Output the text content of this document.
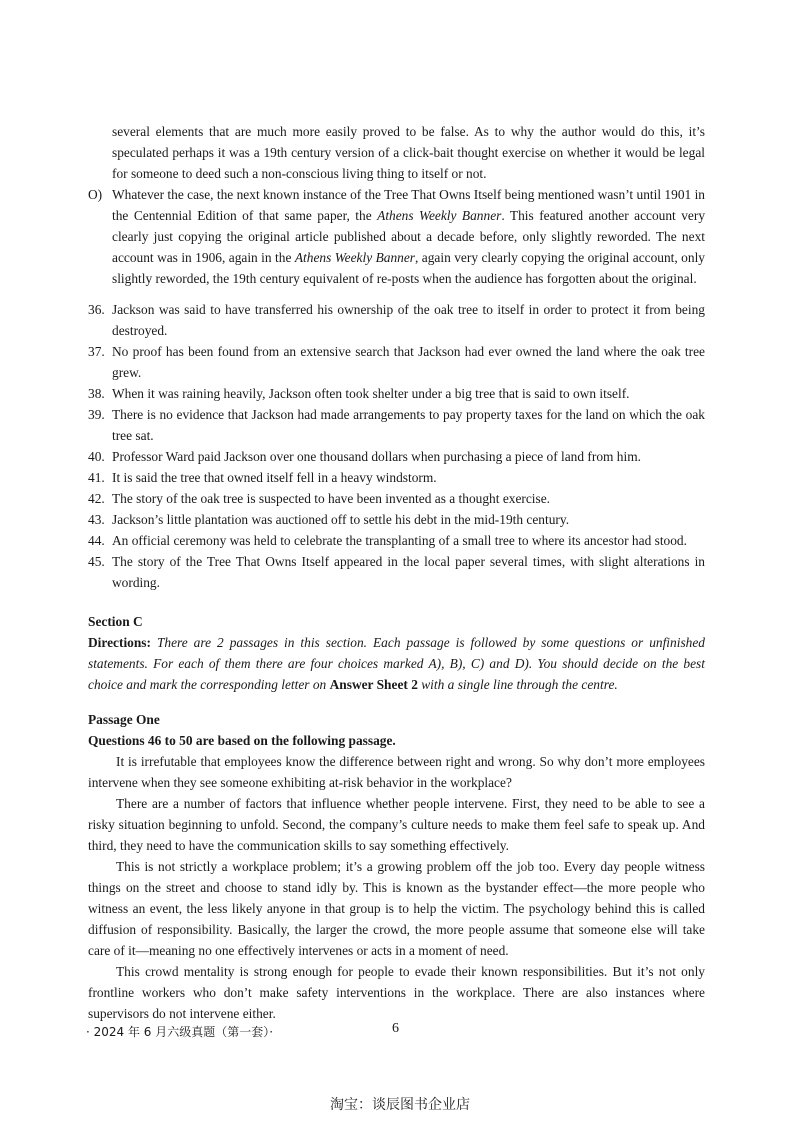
several elements that are much more easily proved to be false. As to why the author would do this, it’s speculated perhaps it was a 19th century version of a click-bait thought exercise on whether it would be legal for someone to deed such a non-conscious living thing to itself or not.

O) Whatever the case, the next known instance of the Tree That Owns Itself being mentioned wasn’t until 1901 in the Centennial Edition of that same paper, the Athens Weekly Banner. This featured another account very clearly just copying the original article published about a decade before, only slightly reworded. The next account was in 1906, again in the Athens Weekly Banner, again very clearly copying the original account, only slightly reworded, the 19th century equivalent of re-posts when the audience has forgotten about the original.
36. Jackson was said to have transferred his ownership of the oak tree to itself in order to protect it from being destroyed.
37. No proof has been found from an extensive search that Jackson had ever owned the land where the oak tree grew.
38. When it was raining heavily, Jackson often took shelter under a big tree that is said to own itself.
39. There is no evidence that Jackson had made arrangements to pay property taxes for the land on which the oak tree sat.
40. Professor Ward paid Jackson over one thousand dollars when purchasing a piece of land from him.
41. It is said the tree that owned itself fell in a heavy windstorm.
42. The story of the oak tree is suspected to have been invented as a thought exercise.
43. Jackson’s little plantation was auctioned off to settle his debt in the mid-19th century.
44. An official ceremony was held to celebrate the transplanting of a small tree to where its ancestor had stood.
45. The story of the Tree That Owns Itself appeared in the local paper several times, with slight alterations in wording.
Section C

Directions: There are 2 passages in this section. Each passage is followed by some questions or unfinished statements. For each of them there are four choices marked A), B), C) and D). You should decide on the best choice and mark the corresponding letter on Answer Sheet 2 with a single line through the centre.

Passage One
Questions 46 to 50 are based on the following passage.

It is irrefutable that employees know the difference between right and wrong. So why don’t more employees intervene when they see someone exhibiting at-risk behavior in the workplace?

There are a number of factors that influence whether people intervene. First, they need to be able to see a risky situation beginning to unfold. Second, the company’s culture needs to make them feel safe to speak up. And third, they need to have the communication skills to say something effectively.

This is not strictly a workplace problem; it’s a growing problem off the job too. Every day people witness things on the street and choose to stand idly by. This is known as the bystander effect—the more people who witness an event, the less likely anyone in that group is to help the victim. The psychology behind this is called diffusion of responsibility. Basically, the larger the crowd, the more people assume that someone else will take care of it—meaning no one effectively intervenes or acts in a moment of need.

This crowd mentality is strong enough for people to evade their known responsibilities. But it’s not only frontline workers who don’t make safety interventions in the workplace. There are also instances where supervisors do not intervene either.

· 2024 年 6 月六级真题（第一套）·	6
淘宝：谈辰图书企业店
